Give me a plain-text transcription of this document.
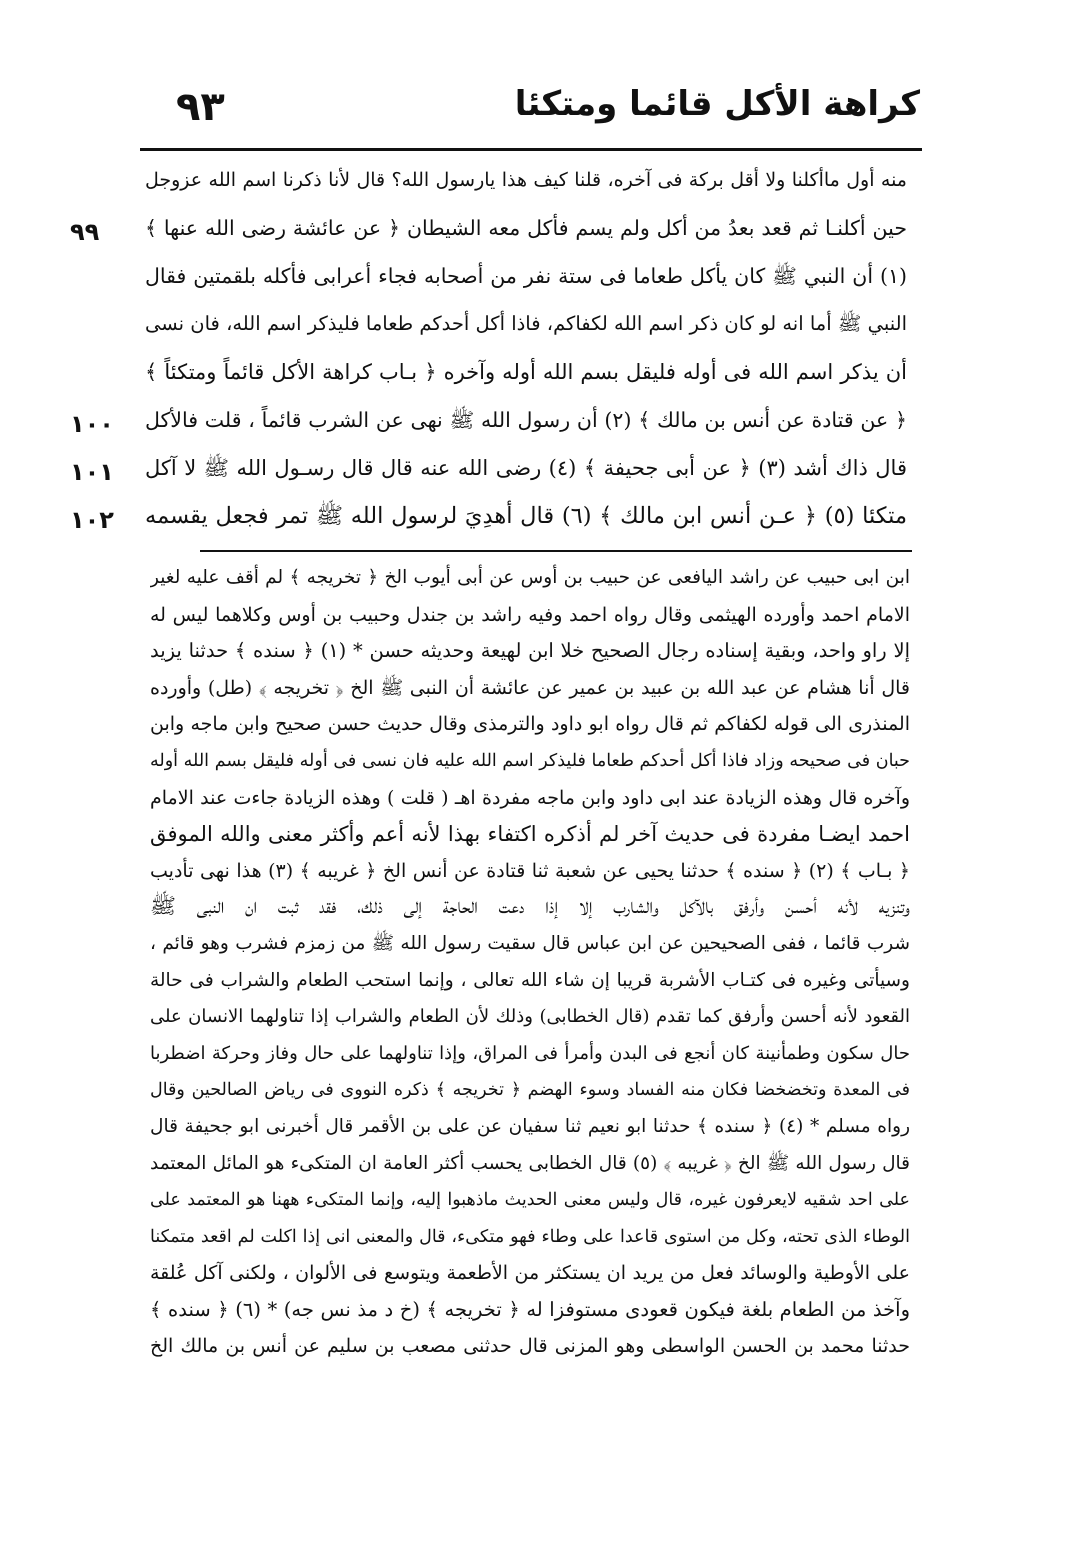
٩٣	كراهة الأكل قائما ومتكئا
منه أول ماأكلنا ولا أقل بركة فى آخره، قلنا كيف هذا يارسول الله؟ قال لأنا ذكرنا اسم الله عزوجل
حين أكلنـا ثم قعد بعدُ من أكل ولم يسم فأكل معه الشيطان ﴿ عن عائشة رضى الله عنها ﴾
(١) أن النبي ﷺ كان يأكل طعاما فى ستة نفر من أصحابه فجاء أعرابى فأكله بلقمتين فقال
النبي ﷺ أما انه لو كان ذكر اسم الله لكفاكم، فاذا أكل أحدكم طعاما فليذكر اسم الله، فان نسى
أن يذكر اسم الله فى أوله فليقل بسم الله أوله وآخره ﴿ بـاب كراهة الأكل قائماً ومتكئاً ﴾
﴿ عن قتادة عن أنس بن مالك ﴾ (٢) أن رسول الله ﷺ نهى عن الشرب قائماً ، قلت فالأكل
قال ذاك أشد (٣) ﴿ عن أبى جحيفة ﴾ (٤) رضى الله عنه قال قال رسـول الله ﷺ لا آكل
متكئا (٥) ﴿ عـن أنس ابن مالك ﴾ (٦) قال أهدِيَ لرسول الله ﷺ تمر فجعل يقسمه
٩٩
١٠٠
١٠١
١٠٢
ابن ابى حبيب عن راشد اليافعى عن حبيب بن أوس عن أبى أيوب الخ ﴿ تخريجه ﴾ لم أقف عليه لغير
الامام احمد وأورده الهيثمى وقال رواه احمد وفيه راشد بن جندل وحبيب بن أوس وكلاهما ليس له
إلا راو واحد، وبقية إسناده رجال الصحيح خلا ابن لهيعة وحديثه حسن * (١) ﴿ سنده ﴾ حدثنا يزيد
قال أنا هشام عن عبد الله بن عبيد بن عمير عن عائشة أن النبى ﷺ الخ ﴿ تخريجه ﴾ (طل) وأورده
المنذرى الى قوله لكفاكم ثم قال رواه ابو داود والترمذى وقال حديث حسن صحيح وابن ماجه وابن
حبان فى صحيحه وزاد فاذا أكل أحدكم طعاما فليذكر اسم الله عليه فان نسى فى أوله فليقل بسم الله أوله
وآخره قال وهذه الزيادة عند ابى داود وابن ماجه مفردة اهـ ( قلت ) وهذه الزيادة جاءت عند الامام
احمد ايضـا مفردة فى حديث آخر لم أذكره اكتفاء بهذا لأنه أعم وأكثر معنى والله الموفق
﴿ بـاب ﴾ (٢) ﴿ سنده ﴾ حدثنا يحيى عن شعبة ثنا قتادة عن أنس الخ ﴿ غريبه ﴾ (٣) هذا نهى تأديب
وتنزيه لأنه أحسن وأرفق بالآكل والشارب إلا إذا دعت الحاجة إلى ذلك، فقد ثبت ان النبى ﷺ
شرب قائما ، ففى الصحيحين عن ابن عباس قال سقيت رسول الله ﷺ من زمزم فشرب وهو قائم ،
وسيأتى وغيره فى كتـاب الأشربة قريبا إن شاء الله تعالى ، وإنما استحب الطعام والشراب فى حالة
القعود لأنه أحسن وأرفق كما تقدم (قال الخطابى) وذلك لأن الطعام والشراب إذا تناولهما الانسان على
حال سكون وطمأنينة كان أنجع فى البدن وأمرأ فى المراق، وإذا تناولهما على حال وفاز وحركة اضطربا
فى المعدة وتخضخضا فكان منه الفساد وسوء الهضم ﴿ تخريجه ﴾ ذكره النووى فى رياض الصالحين وقال
رواه مسلم * (٤) ﴿ سنده ﴾ حدثنا ابو نعيم ثنا سفيان عن على بن الأقمر قال أخبرنى ابو جحيفة قال
قال رسول الله ﷺ الخ ﴿ غريبه ﴾ (٥) قال الخطابى يحسب أكثر العامة ان المتكىء هو المائل المعتمد
على احد شقيه لايعرفون غيره، قال وليس معنى الحديث ماذهبوا إليه، وإنما المتكىء ههنا هو المعتمد على
الوطاء الذى تحته، وكل من استوى قاعدا على وطاء فهو متكىء، قال والمعنى انى إذا اكلت لم اقعد متمكنا
على الأوطية والوسائد فعل من يريد ان يستكثر من الأطعمة ويتوسع فى الألوان ، ولكنى آكل عُلقة
وآخذ من الطعام بلغة فيكون قعودى مستوفزا له ﴿ تخريجه ﴾ (خ د مذ نس جه) * (٦) ﴿ سنده ﴾
حدثنا محمد بن الحسن الواسطى وهو المزنى قال حدثنى مصعب بن سليم عن أنس بن مالك الخ
